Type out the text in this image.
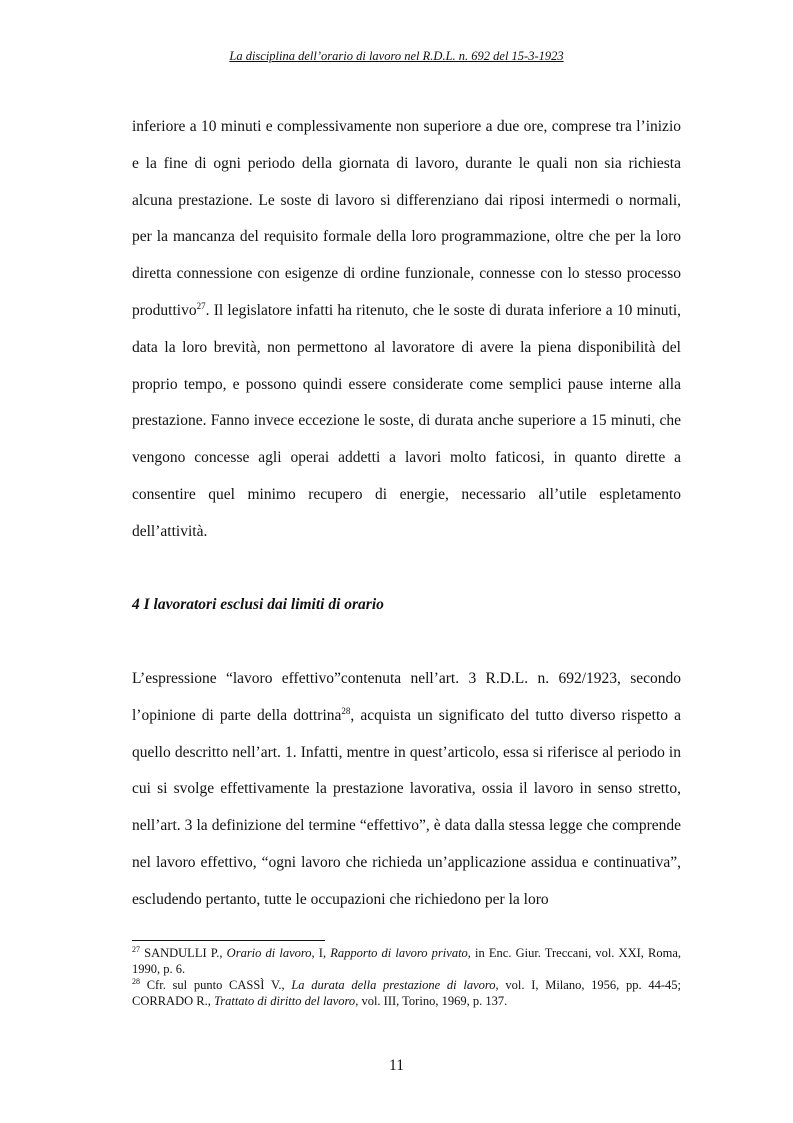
La disciplina dell’orario di lavoro nel R.D.L. n. 692 del 15-3-1923

inferiore a 10 minuti e complessivamente non superiore a due ore, comprese tra l’inizio e la fine di ogni periodo della giornata di lavoro, durante le quali non sia richiesta alcuna prestazione. Le soste di lavoro si differenziano dai riposi intermedi o normali, per la mancanza del requisito formale della loro programmazione, oltre che per la loro diretta connessione con esigenze di ordine funzionale, connesse con lo stesso processo produttivo$^{27}$. Il legislatore infatti ha ritenuto, che le soste di durata inferiore a 10 minuti, data la loro brevità, non permettono al lavoratore di avere la piena disponibilità del proprio tempo, e possono quindi essere considerate come semplici pause interne alla prestazione. Fanno invece eccezione le soste, di durata anche superiore a 15 minuti, che vengono concesse agli operai addetti a lavori molto faticosi, in quanto dirette a consentire quel minimo recupero di energie, necessario all’utile espletamento dell’attività.

4 I lavoratori esclusi dai limiti di orario

L’espressione “lavoro effettivo”contenuta nell’art. 3 R.D.L. n. 692/1923, secondo l’opinione di parte della dottrina$^{28}$, acquista un significato del tutto diverso rispetto a quello descritto nell’art. 1. Infatti, mentre in quest’articolo, essa si riferisce al periodo in cui si svolge effettivamente la prestazione lavorativa, ossia il lavoro in senso stretto, nell’art. 3 la definizione del termine “effettivo”, è data dalla stessa legge che comprende nel lavoro effettivo, “ogni lavoro che richieda un’applicazione assidua e continuativa”, escludendo pertanto, tutte le occupazioni che richiedono per la loro

$^{27}$ SANDULLI P., Orario di lavoro, I, Rapporto di lavoro privato, in Enc. Giur. Treccani, vol. XXI, Roma, 1990, p. 6.

$^{28}$ Cfr. sul punto CASSÌ V., La durata della prestazione di lavoro, vol. I, Milano, 1956, pp. 44-45; CORRADO R., Trattato di diritto del lavoro, vol. III, Torino, 1969, p. 137.

11
